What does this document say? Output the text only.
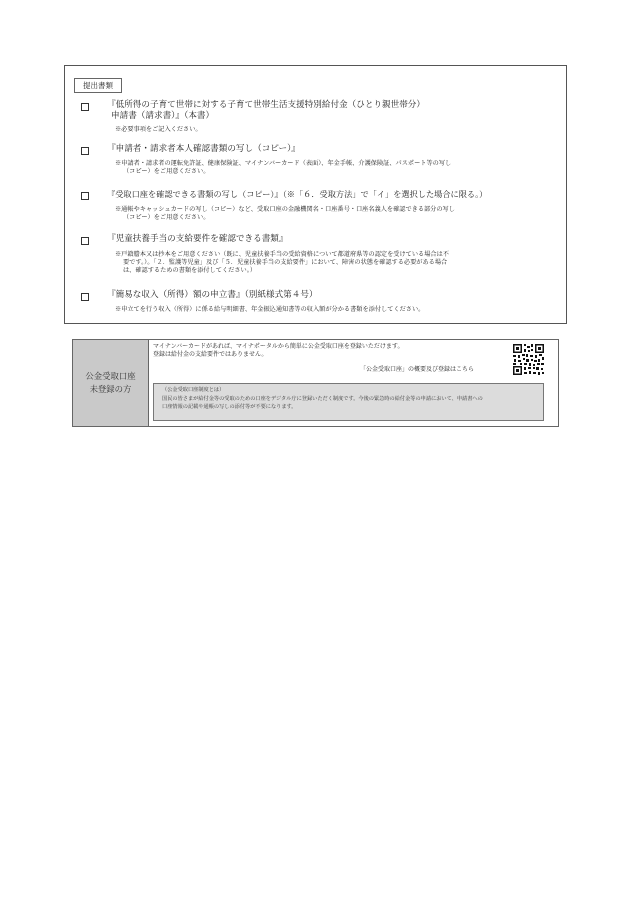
提出書類
『低所得の子育て世帯に対する子育て世帯生活支援特別給付金（ひとり親世帯分）
申請書（請求書）』（本書）
※必要事項をご記入ください。
『申請者・請求者本人確認書類の写し（コピー）』
※申請者・請求者の運転免許証、健康保険証、マイナンバーカード（表面）、年金手帳、介護保険証、パスポート等の写し
（コピー）をご用意ください。
『受取口座を確認できる書類の写し（コピー）』（※「６．受取方法」で「イ」を選択した場合に限る。）
※通帳やキャッシュカードの写し（コピー）など、受取口座の金融機関名・口座番号・口座名義人を確認できる部分の写し
（コピー）をご用意ください。
『児童扶養手当の支給要件を確認できる書類』
※戸籍謄本又は抄本をご用意ください（既に、児童扶養手当の受給資格について都道府県等の認定を受けている場合は不
要です。）。「２．監護等児童」及び「５．児童扶養手当の支給要件」において、障害の状態を確認する必要がある場合
は、確認するための書類を添付してください。）
『簡易な収入（所得）額の申立書』（別紙様式第４号）
※申立てを行う収入（所得）に係る給与明細書、年金振込通知書等の収入額が分かる書類を添付してください。
公金受取口座
未登録の方
マイナンバーカードがあれば、マイナポータルから簡単に公金受取口座を登録いただけます。
登録は給付金の支給要件ではありません。
「公金受取口座」の概要及び登録はこちら
（公金受取口座制度とは）
国民の皆さまが給付金等の受取のための口座をデジタル庁に登録いただく制度です。今後の緊急時の給付金等の申請において、申請書への
口座情報の記載や通帳の写しの添付等が不要になります。
